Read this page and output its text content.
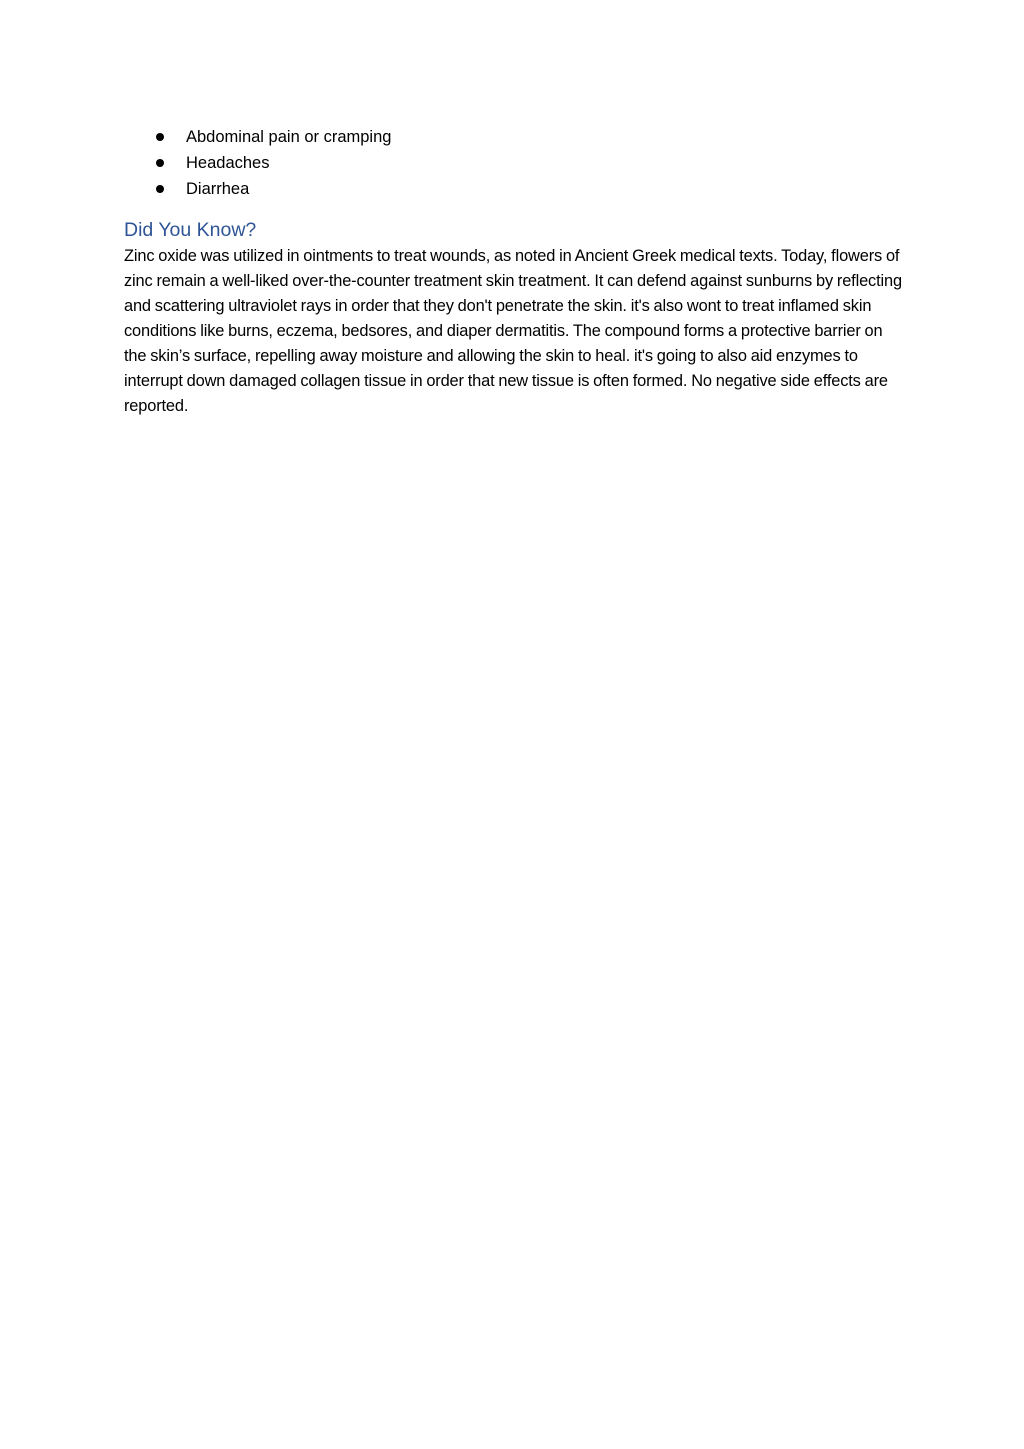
Abdominal pain or cramping
Headaches
Diarrhea
Did You Know?

Zinc oxide was utilized in ointments to treat wounds, as noted in Ancient Greek medical texts. Today, flowers of zinc remain a well-liked over-the-counter treatment skin treatment. It can defend against sunburns by reflecting and scattering ultraviolet rays in order that they don't penetrate the skin. it's also wont to treat inflamed skin conditions like burns, eczema, bedsores, and diaper dermatitis. The compound forms a protective barrier on the skin’s surface, repelling away moisture and allowing the skin to heal. it's going to also aid enzymes to interrupt down damaged collagen tissue in order that new tissue is often formed. No negative side effects are reported.
